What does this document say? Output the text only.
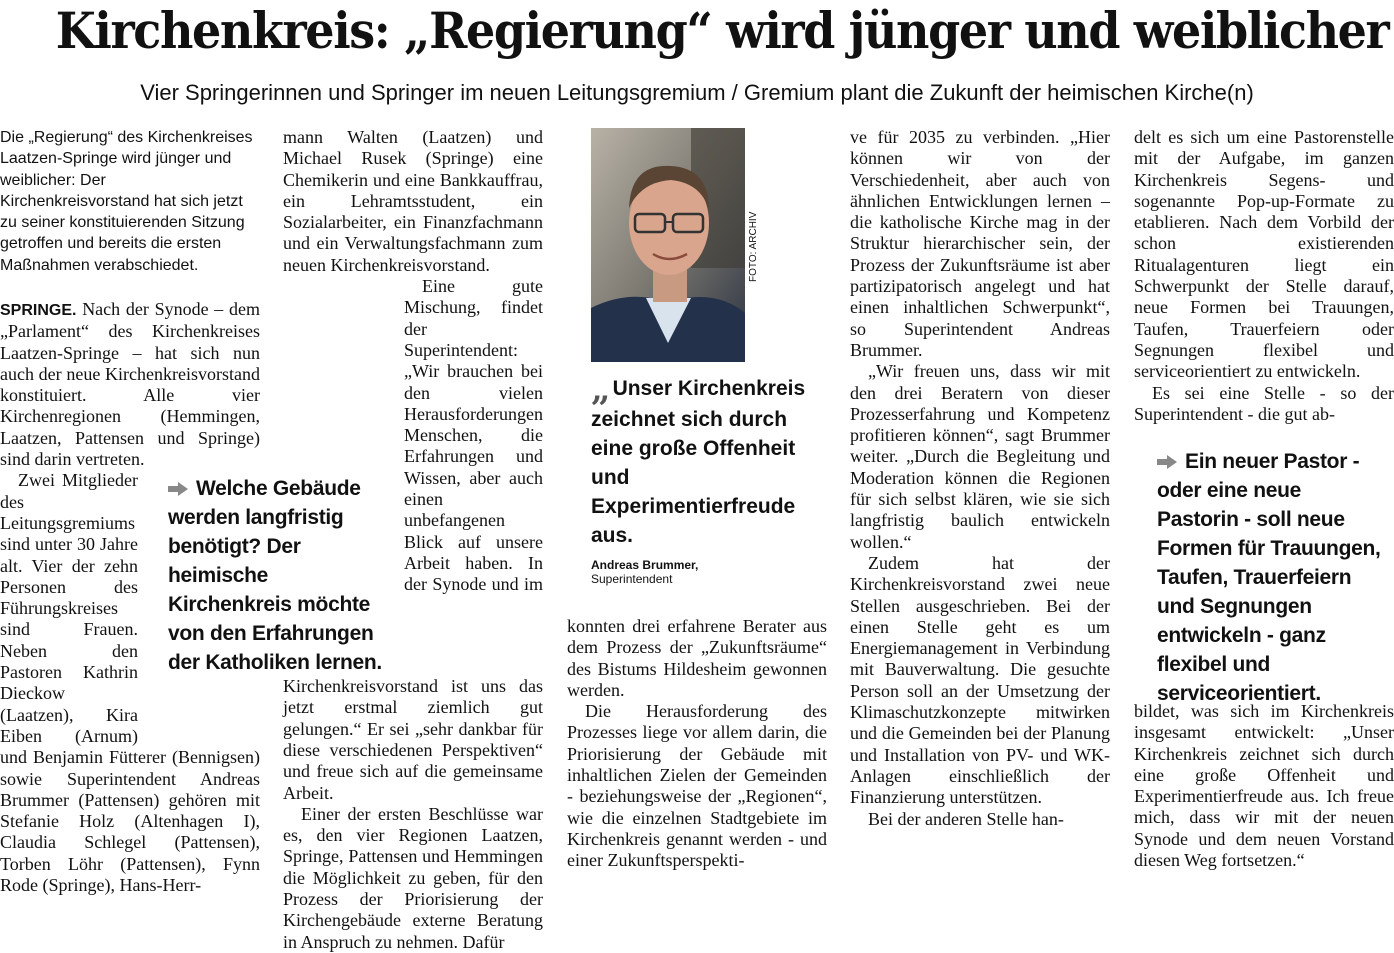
Kirchenkreis: „Regierung“ wird jünger und weiblicher
Vier Springerinnen und Springer im neuen Leitungsgremium / Gremium plant die Zukunft der heimischen Kirche(n)
Die „Regierung“ des Kirchenkreises Laatzen-Springe wird jünger und weiblicher: Der Kirchenkreisvorstand hat sich jetzt zu seiner konstituierenden Sitzung getroffen und bereits die ersten Maßnahmen verabschiedet.

SPRINGE. Nach der Synode – dem „Parlament“ des Kirchenkreises Laatzen-Springe – hat sich nun auch der neue Kirchenkreisvorstand konstituiert. Alle vier Kirchenregionen (Hemmingen, Laatzen, Pattensen und Springe) sind darin vertreten.

Zwei Mitglieder des Leitungsgremiums sind unter 30 Jahre alt. Vier der zehn Personen des Führungskreises sind Frauen. Neben den Pastoren Kathrin Dieckow (Laatzen), Kira Eiben (Arnum) und Benjamin Fütterer (Bennigsen) sowie Superintendent Andreas Brummer (Pattensen) gehören mit Stefanie Holz (Altenhagen I), Claudia Schlegel (Pattensen), Torben Löhr (Pattensen), Fynn Rode (Springe), Hans-Herr-

Welche Gebäude werden langfristig benötigt? Der heimische Kirchenkreis möchte von den Erfahrungen der Katholiken lernen.

mann Walten (Laatzen) und Michael Rusek (Springe) eine Chemikerin und eine Bankkauffrau, ein Lehramtsstudent, ein Sozialarbeiter, ein Finanzfachmann und ein Verwaltungsfachmann zum neuen Kirchenkreisvorstand.

Eine gute Mischung, findet der Superintendent: „Wir brauchen bei den vielen Herausforderungen Menschen, die Erfahrungen und Wissen, aber auch einen unbefangenen Blick auf unsere Arbeit haben. In der Synode und im Kirchenkreisvorstand ist uns das jetzt erstmal ziemlich gut gelungen.“ Er sei „sehr dankbar für diese verschiedenen Perspektiven“ und freue sich auf die gemeinsame Arbeit.

Einer der ersten Beschlüsse war es, den vier Regionen Laatzen, Springe, Pattensen und Hemmingen die Möglichkeit zu geben, für den Prozess der Priorisierung der Kirchengebäude externe Beratung in Anspruch zu nehmen. Dafür

FOTO: ARCHIV
„ Unser Kirchenkreis zeichnet sich durch eine große Offenheit und Experimentierfreude aus.
Andreas Brummer,
Superintendent

konnten drei erfahrene Berater aus dem Prozess der „Zukunftsräume“ des Bistums Hildesheim gewonnen werden.

Die Herausforderung des Prozesses liege vor allem darin, die Priorisierung der Gebäude mit inhaltlichen Zielen der Gemeinden - beziehungsweise der „Regionen“, wie die einzelnen Stadtgebiete im Kirchenkreis genannt werden - und einer Zukunftsperspekti-

ve für 2035 zu verbinden. „Hier können wir von der Verschiedenheit, aber auch von ähnlichen Entwicklungen lernen – die katholische Kirche mag in der Struktur hierarchischer sein, der Prozess der Zukunftsräume ist aber partizipatorisch angelegt und hat einen inhaltlichen Schwerpunkt“, so Superintendent Andreas Brummer.

„Wir freuen uns, dass wir mit den drei Beratern von dieser Prozesserfahrung und Kompetenz profitieren können“, sagt Brummer weiter. „Durch die Begleitung und Moderation können die Regionen für sich selbst klären, wie sie sich langfristig baulich entwickeln wollen.“

Zudem hat der Kirchenkreisvorstand zwei neue Stellen ausgeschrieben. Bei der einen Stelle geht es um Energiemanagement in Verbindung mit Bauverwaltung. Die gesuchte Person soll an der Umsetzung der Klimaschutzkonzepte mitwirken und die Gemeinden bei der Planung und Installation von PV- und WK-Anlagen einschließlich der Finanzierung unterstützen.

Bei der anderen Stelle han-

delt es sich um eine Pastorenstelle mit der Aufgabe, im ganzen Kirchenkreis Segens- und sogenannte Pop-up-Formate zu etablieren. Nach dem Vorbild der schon existierenden Ritualagenturen liegt ein Schwerpunkt der Stelle darauf, neue Formen bei Trauungen, Taufen, Trauerfeiern oder Segnungen flexibel und serviceorientiert zu entwickeln.

Es sei eine Stelle - so der Superintendent - die gut ab-

Ein neuer Pastor - oder eine neue Pastorin - soll neue Formen für Trauungen, Taufen, Trauerfeiern und Segnungen entwickeln - ganz flexibel und serviceorientiert.

bildet, was sich im Kirchenkreis insgesamt entwickelt: „Unser Kirchenkreis zeichnet sich durch eine große Offenheit und Experimentierfreude aus. Ich freue mich, dass wir mit der neuen Synode und dem neuen Vorstand diesen Weg fortsetzen.“
